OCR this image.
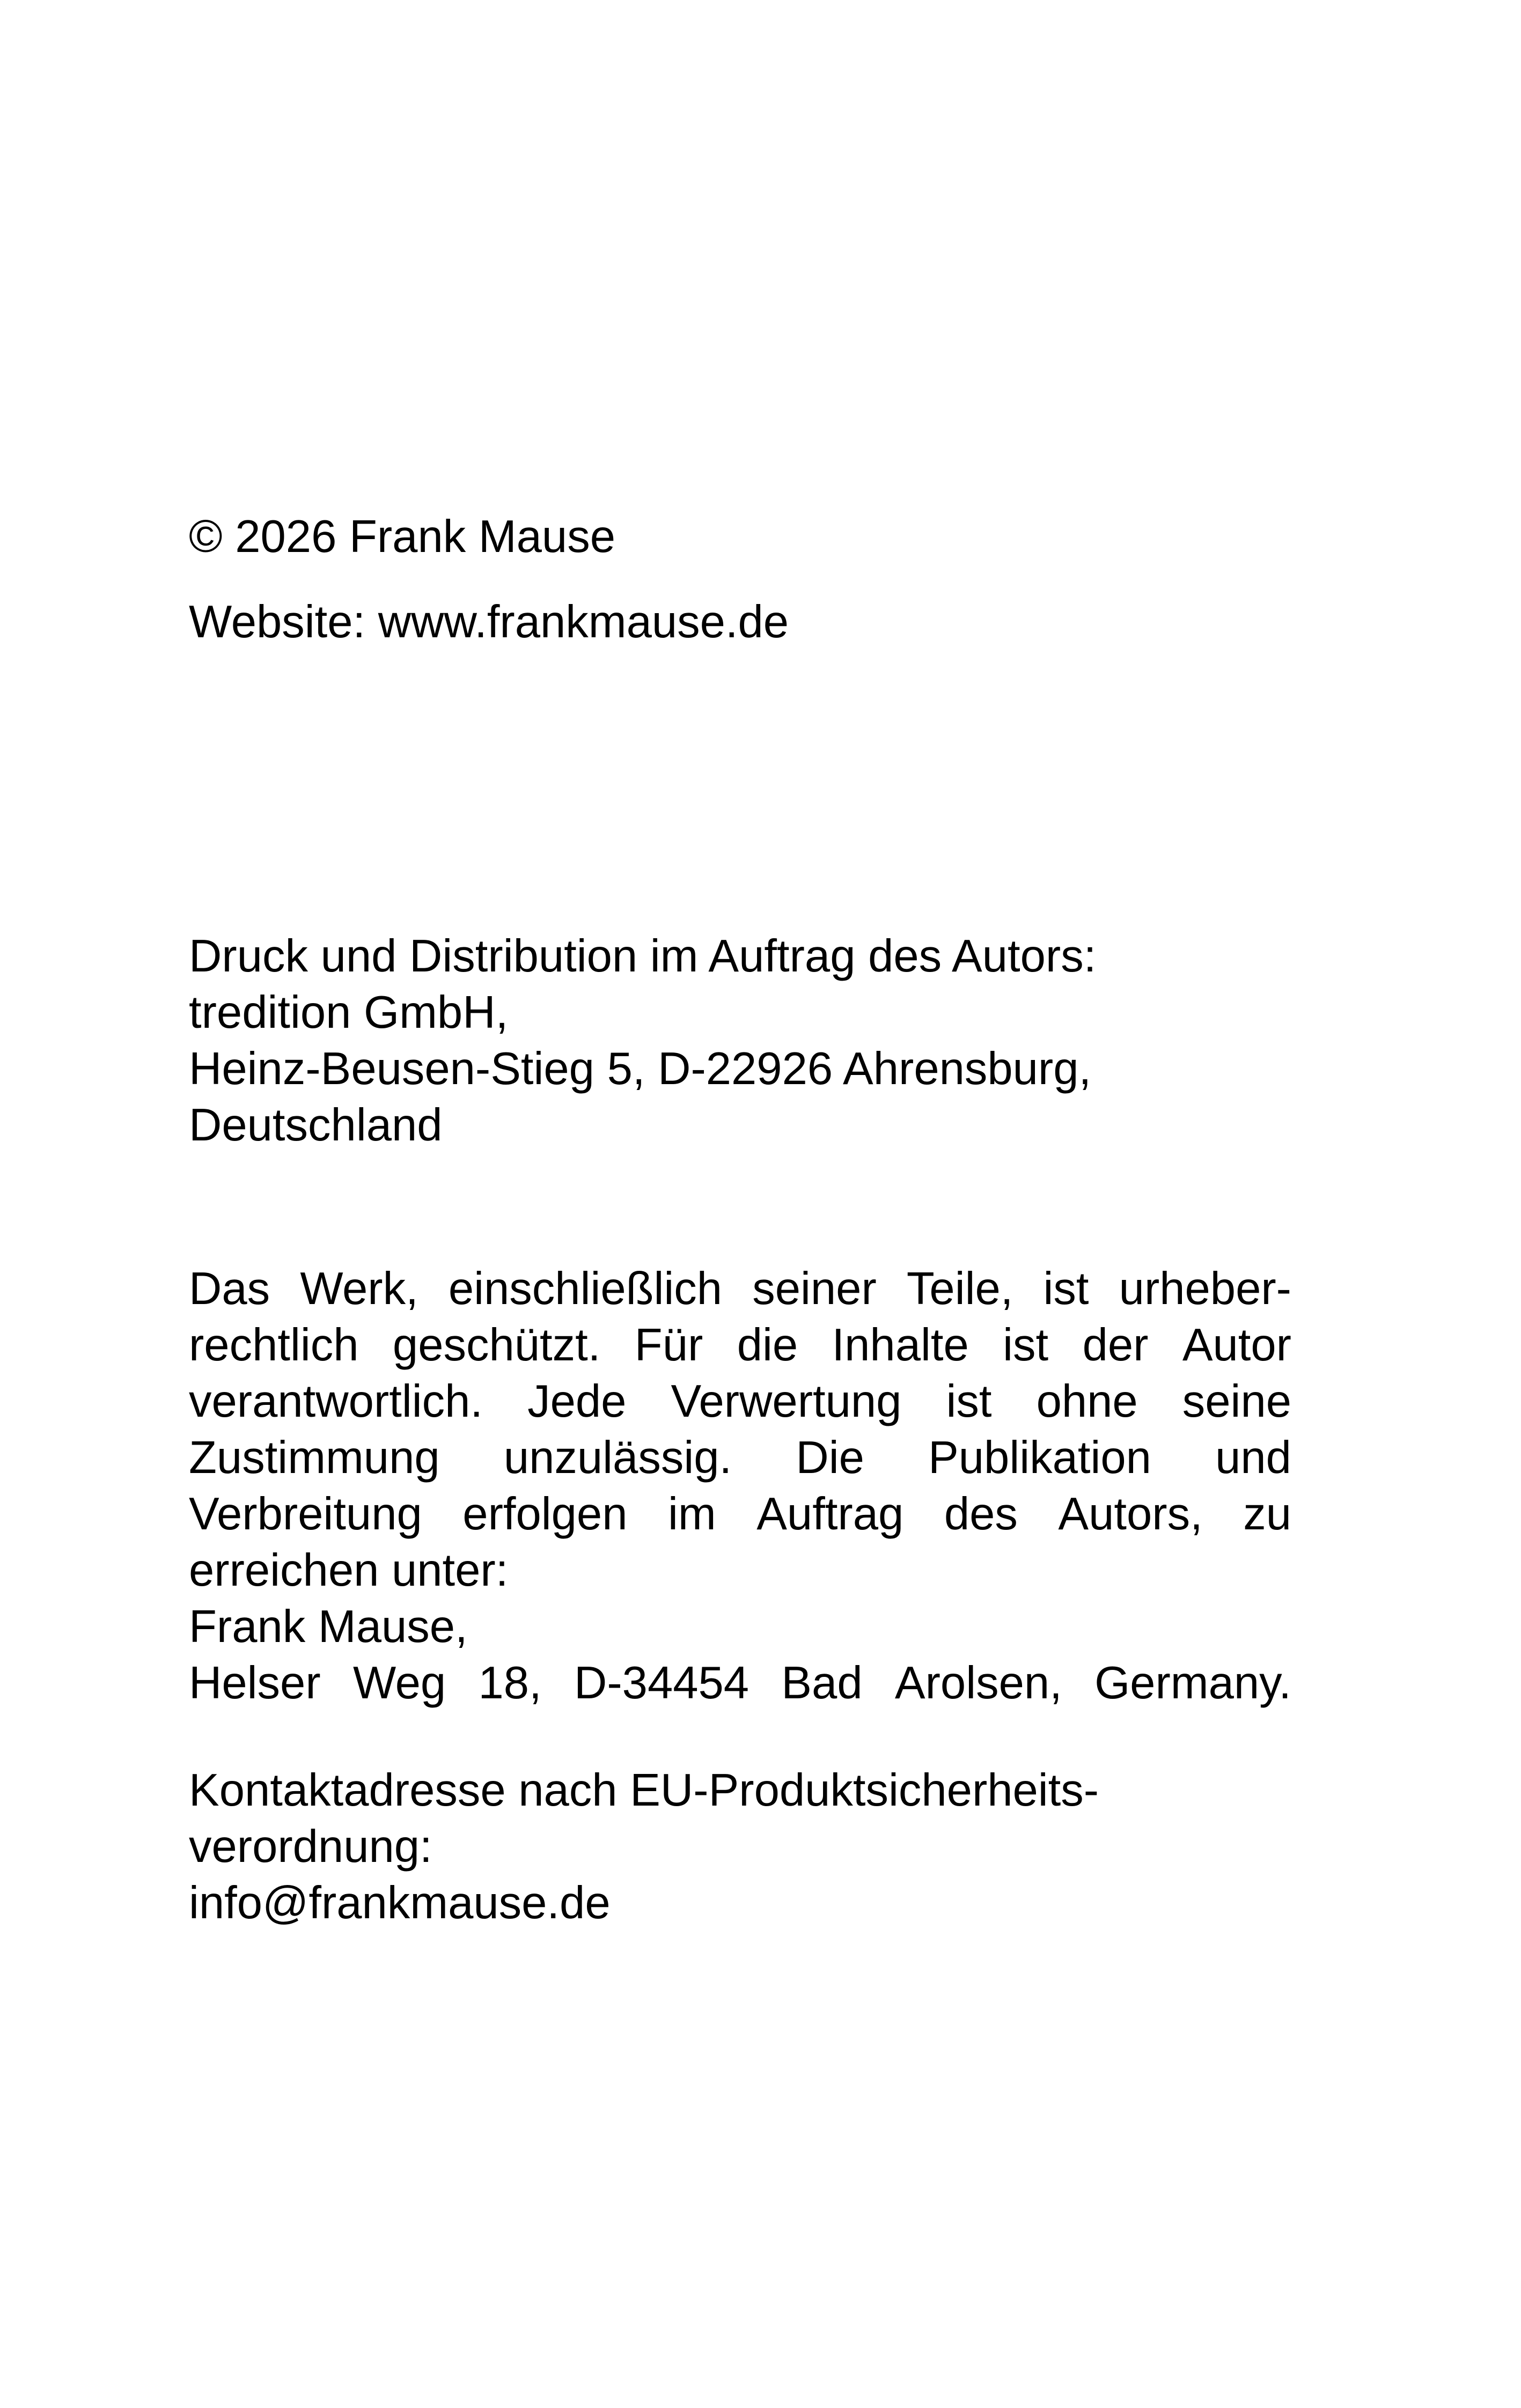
© 2026 Frank Mause

Website: www.frankmause.de

Druck und Distribution im Auftrag des Autors:

tredition GmbH,

Heinz-Beusen-Stieg 5, D-22926 Ahrensburg,

Deutschland

Das Werk, einschließlich seiner Teile, ist urheber-
rechtlich geschützt. Für die Inhalte ist der Autor
verantwortlich. Jede Verwertung ist ohne seine
Zustimmung unzulässig. Die Publikation und
Verbreitung erfolgen im Auftrag des Autors, zu

erreichen unter:

Frank Mause,

Helser Weg 18, D-34454 Bad Arolsen, Germany.

Kontaktadresse nach EU-Produktsicherheits-

verordnung:

info@frankmause.de
